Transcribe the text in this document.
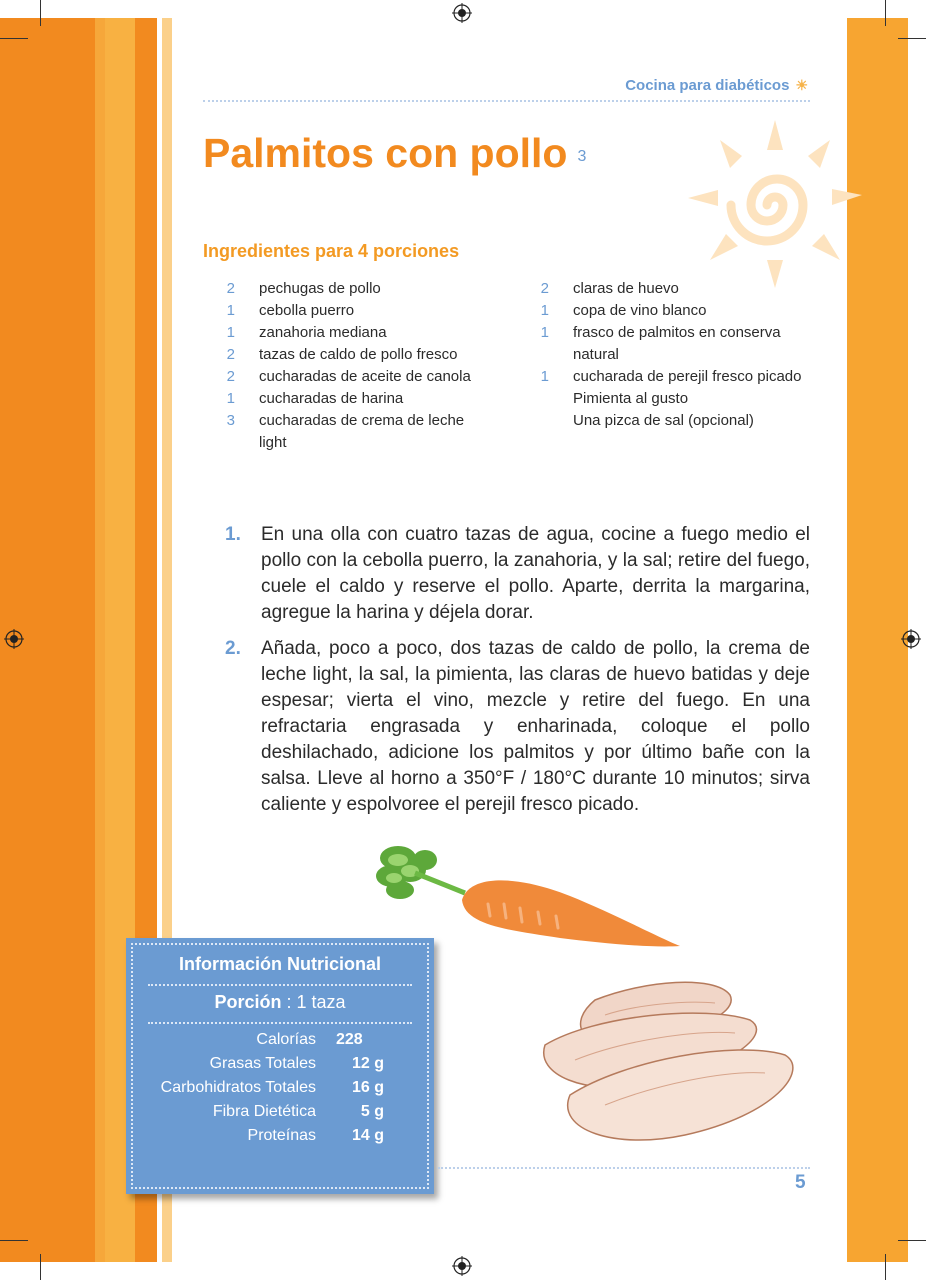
Cocina para diabéticos ☀
Palmitos con pollo $^3$
Ingredientes para 4 porciones
2	pechugas de pollo
1	cebolla puerro
1	zanahoria mediana
2	tazas de caldo de pollo fresco
2	cucharadas de aceite de canola
1	cucharadas de harina
3	cucharadas de crema de leche light
2	claras de huevo
1	copa de vino blanco
1	frasco de palmitos en conserva natural
1	cucharada de perejil fresco picado
Pimienta al gusto
Una pizca de sal (opcional)
1.	En una olla con cuatro tazas de agua, cocine a fuego medio el pollo con la cebolla puerro, la zanahoria, y la sal; retire del fuego, cuele el caldo y reserve el pollo. Aparte, derrita la margarina, agregue la harina y déjela dorar.
2.	Añada, poco a poco, dos tazas de caldo de pollo, la crema de leche light, la sal, la pimienta, las claras de huevo batidas y deje espesar; vierta el vino, mezcle y retire del fuego. En una refractaria engrasada y enharinada, coloque el pollo deshilachado, adicione los palmitos y por último bañe con la salsa. Lleve al horno a 350°F / 180°C durante 10 minutos; sirva caliente y espolvoree el perejil fresco picado.
Información Nutricional
Porción : 1 taza
Calorías	228
Grasas Totales	12 g
Carbohidratos Totales	16 g
Fibra Dietética	5 g
Proteínas	14 g
5
